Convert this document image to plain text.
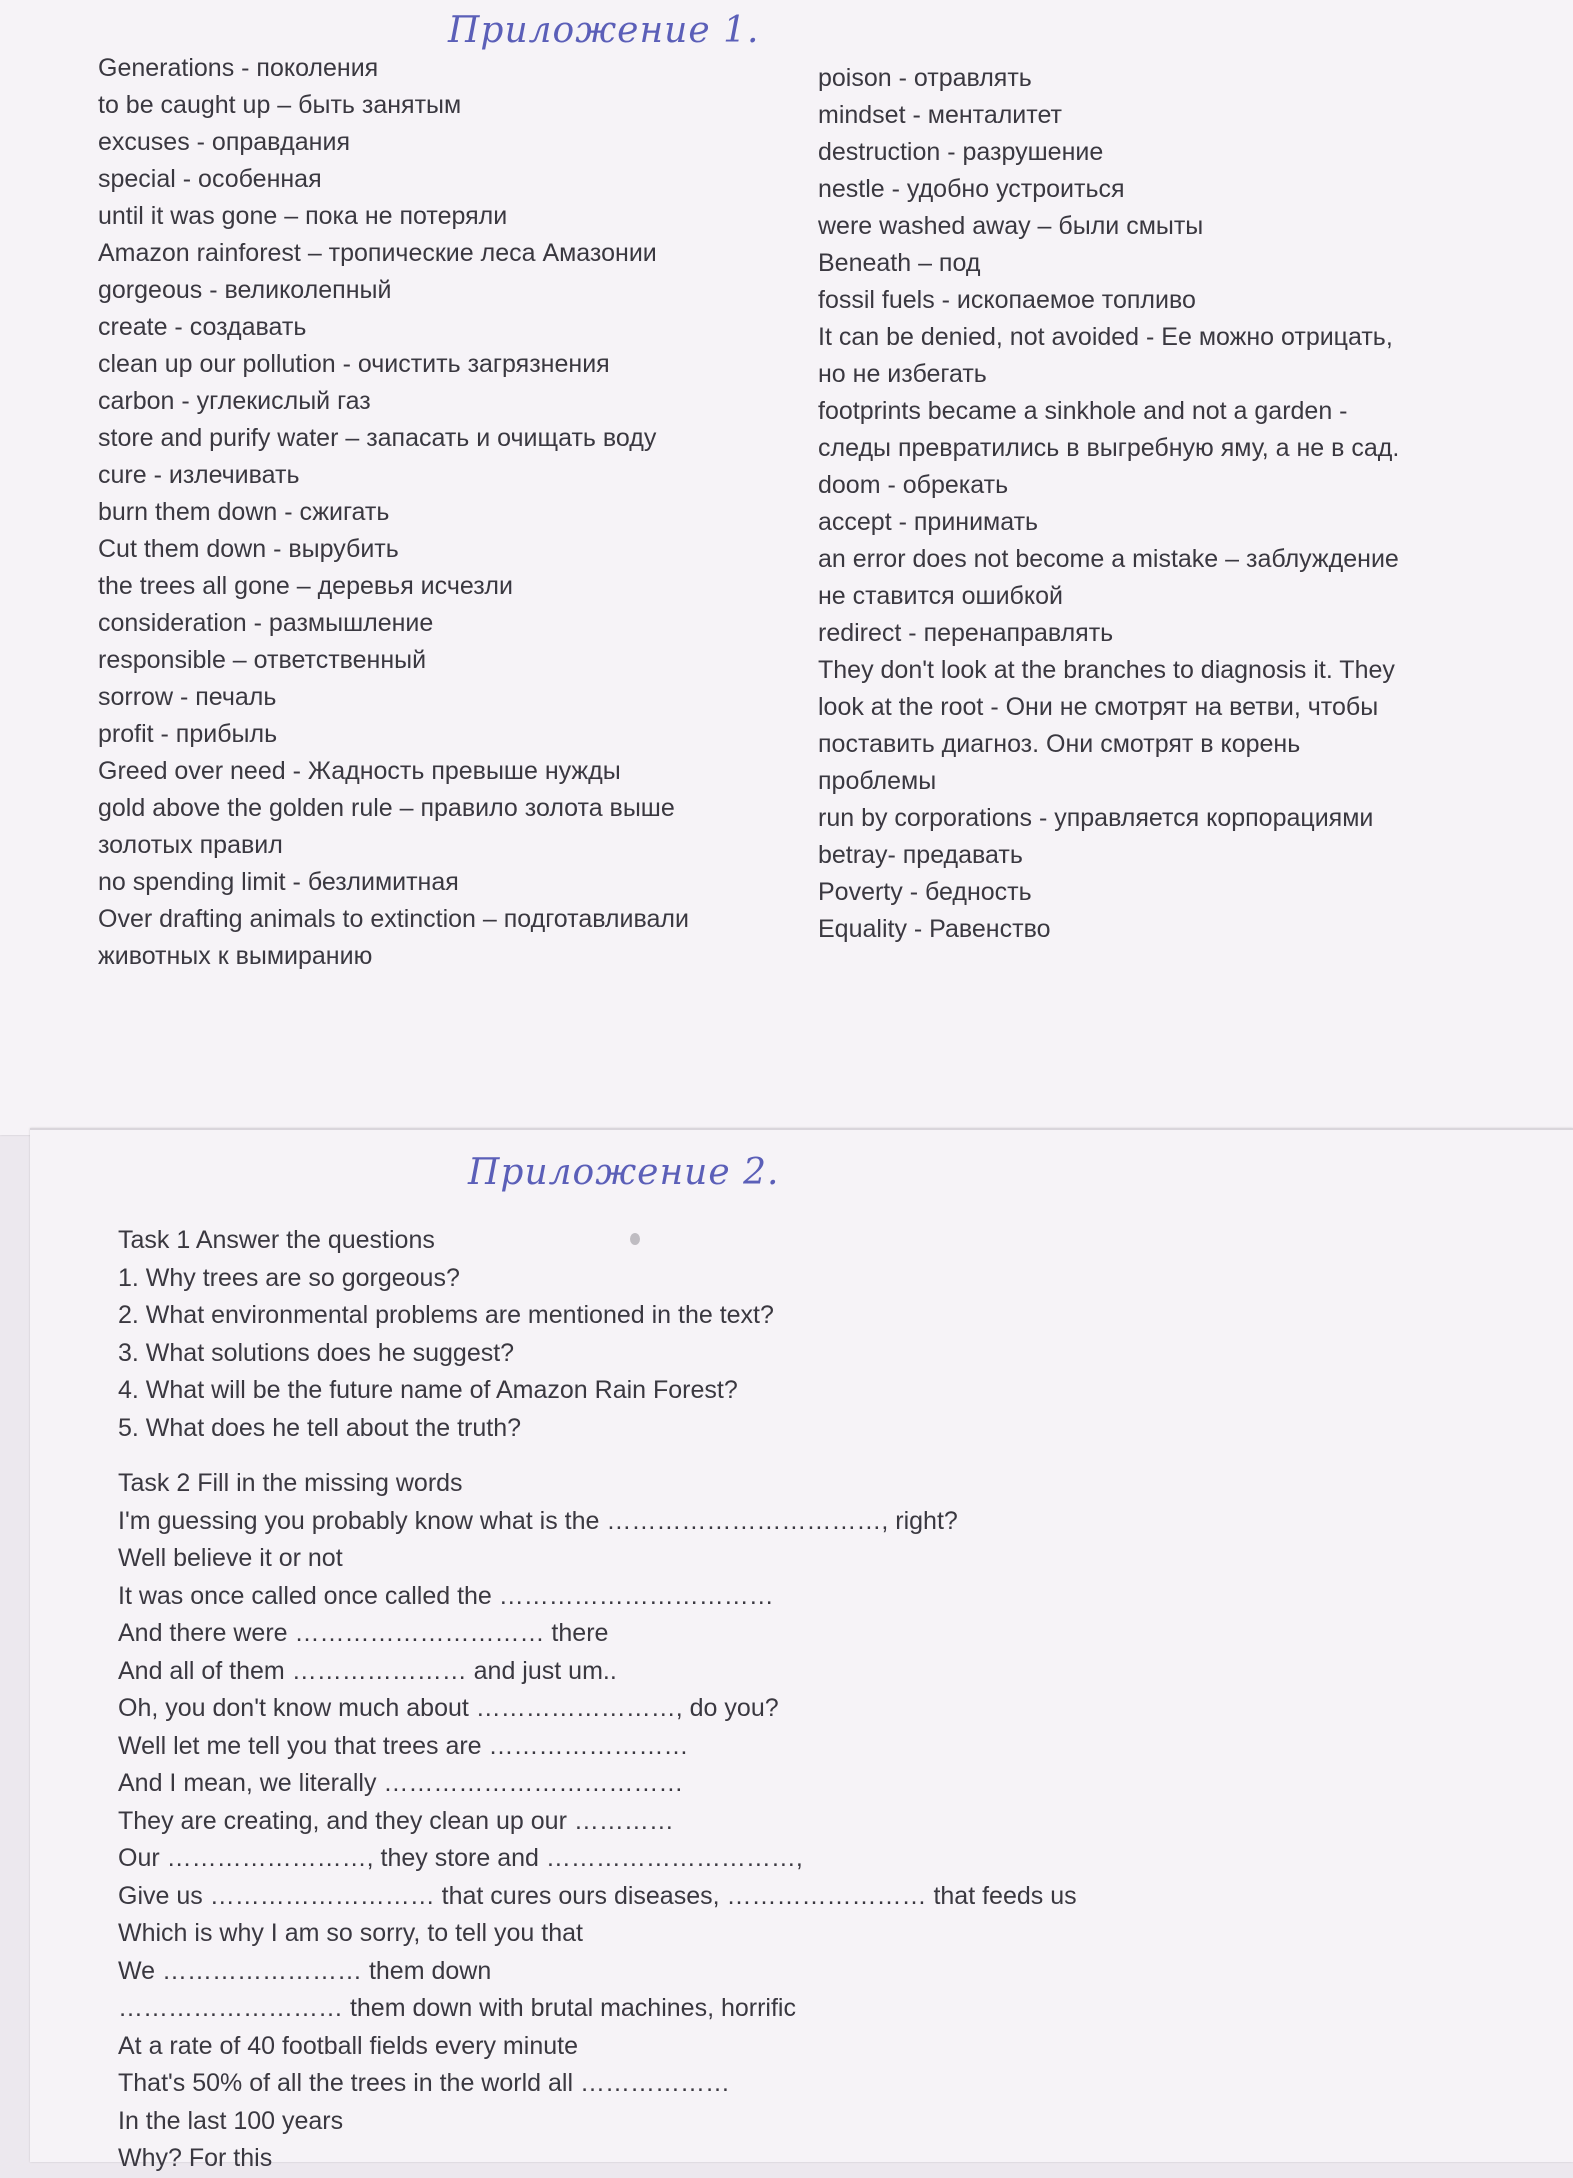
Приложение 1.
Generations - поколения
to be caught up – быть занятым
excuses - оправдания
special - особенная
until it was gone – пока не потеряли
Amazon rainforest – тропические леса Амазонии
gorgeous - великолепный
create - создавать
clean up our pollution - очистить загрязнения
carbon - углекислый газ
store and purify water – запасать и очищать воду
cure - излечивать
burn them down - сжигать
Cut them down - вырубить
the trees all gone – деревья исчезли
consideration - размышление
responsible – ответственный
sorrow - печаль
profit - прибыль
Greed over need - Жадность превыше нужды
gold above the golden rule – правило золота выше
золотых правил
no spending limit - безлимитная
Over drafting animals to extinction – подготавливали
животных к вымиранию
poison - отравлять
mindset - менталитет
destruction - разрушение
nestle - удобно устроиться
were washed away – были смыты
Beneath – под
fossil fuels - ископаемое топливо
It can be denied, not avoided - Ее можно отрицать,
но не избегать
footprints became a sinkhole and not a garden -
следы превратились в выгребную яму, а не в сад.
doom - обрекать
accept - принимать
an error does not become a mistake – заблуждение
не ставится ошибкой
redirect - перенаправлять
They don't look at the branches to diagnosis it. They
look at the root - Они не смотрят на ветви, чтобы
поставить диагноз. Они смотрят в корень
проблемы
run by corporations - управляется корпорациями
betray- предавать
Poverty - бедность
Equality - Равенство
Приложение 2.
Task 1 Answer the questions
1. Why trees are so gorgeous?
2. What environmental problems are mentioned in the text?
3. What solutions does he suggest?
4. What will be the future name of Amazon Rain Forest?
5. What does he tell about the truth?
Task 2 Fill in the missing words
I'm guessing you probably know what is the ……………………………, right?
Well believe it or not
It was once called once called the ……………………………
And there were ………………………… there
And all of them ………………… and just um..
Oh, you don't know much about ……………………, do you?
Well let me tell you that trees are ……………………
And I mean, we literally ………………………………
They are creating, and they clean up our …………
Our ……………………, they store and …………………………,
Give us ……………………… that cures ours diseases, …………………… that feeds us
Which is why I am so sorry, to tell you that
We …………………… them down
……………………… them down with brutal machines, horrific
At a rate of 40 football fields every minute
That's 50% of all the trees in the world all ………………
In the last 100 years
Why? For this
